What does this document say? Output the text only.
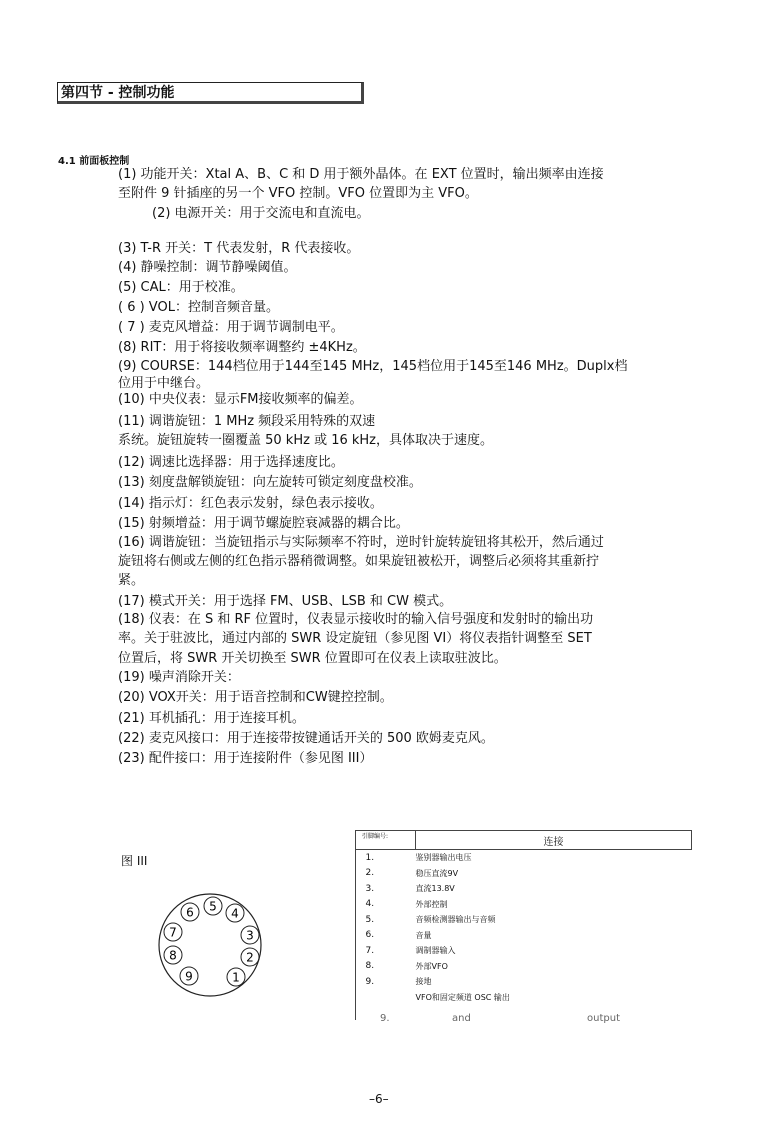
第四节 - 控制功能
4.1 前面板控制
(1) 功能开关：Xtal A、B、C 和 D 用于额外晶体。在 EXT 位置时，输出频率由连接
至附件 9 针插座的另一个 VFO 控制。VFO 位置即为主 VFO。
(2) 电源开关：用于交流电和直流电。
(3) T-R 开关：T 代表发射，R 代表接收。
(4) 静噪控制：调节静噪阈值。
(5) CAL：用于校准。
( 6 ) VOL：控制音频音量。
( 7 ) 麦克风增益：用于调节调制电平。
(8) RIT：用于将接收频率调整约 ±4KHz。
(9) COURSE：144档位用于144至145 MHz，145档位用于145至146 MHz。Duplx档
位用于中继台。
(10) 中央仪表：显示FM接收频率的偏差。
(11) 调谐旋钮：1 MHz 频段采用特殊的双速
系统。旋钮旋转一圈覆盖 50 kHz 或 16 kHz，具体取决于速度。
(12) 调速比选择器：用于选择速度比。
(13) 刻度盘解锁旋钮：向左旋转可锁定刻度盘校准。
(14) 指示灯：红色表示发射，绿色表示接收。
(15) 射频增益：用于调节螺旋腔衰减器的耦合比。
(16) 调谐旋钮：当旋钮指示与实际频率不符时，逆时针旋转旋钮将其松开，然后通过
旋钮将右侧或左侧的红色指示器稍微调整。如果旋钮被松开，调整后必须将其重新拧
紧。
(17) 模式开关：用于选择 FM、USB、LSB 和 CW 模式。
(18) 仪表：在 S 和 RF 位置时，仪表显示接收时的输入信号强度和发射时的输出功
率。关于驻波比，通过内部的 SWR 设定旋钮（参见图 VI）将仪表指针调整至 SET
位置后，将 SWR 开关切换至 SWR 位置即可在仪表上读取驻波比。
(19) 噪声消除开关：
(20) VOX开关：用于语音控制和CW键控控制。
(21) 耳机插孔：用于连接耳机。
(22) 麦克风接口：用于连接带按键通话开关的 500 欧姆麦克风。
(23) 配件接口：用于连接附件（参见图 III）
图 III
1
2
3
4
5
6
7
8
9
引脚编号:	连接
1.	鉴别器输出电压
2.	稳压直流9V
3.	直流13.8V
4.	外部控制
5.	音频检测器输出与音频
6.	音量
7.	调制器输入
8.	外部VFO
9.	接地
	VFO和固定频道 OSC 输出
9.	and	output
–6–
